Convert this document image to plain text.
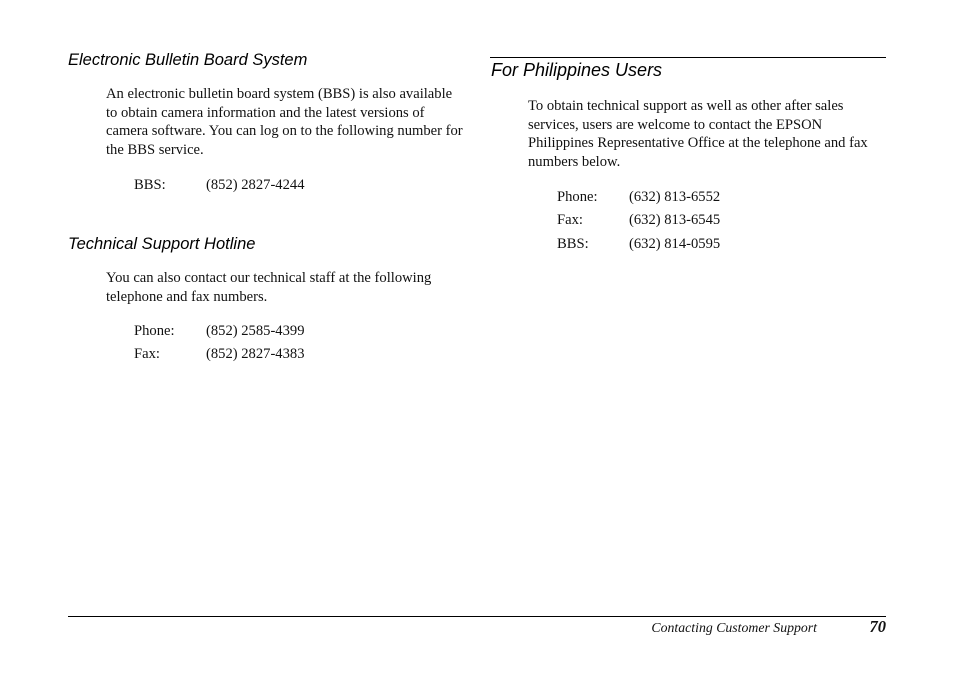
Electronic Bulletin Board System

An electronic bulletin board system (BBS) is also available to obtain camera information and the latest versions of camera software. You can log on to the following number for the BBS service.

BBS:	(852) 2827-4244
Technical Support Hotline

You can also contact our technical staff at the following telephone and fax numbers.

Phone:	(852) 2585-4399
Fax:	(852) 2827-4383
For Philippines Users

To obtain technical support as well as other after sales services, users are welcome to contact the EPSON Philippines Representative Office at the telephone and fax numbers below.

Phone:	(632) 813-6552
Fax:	(632) 813-6545
BBS:	(632) 814-0595
Contacting Customer Support	70
